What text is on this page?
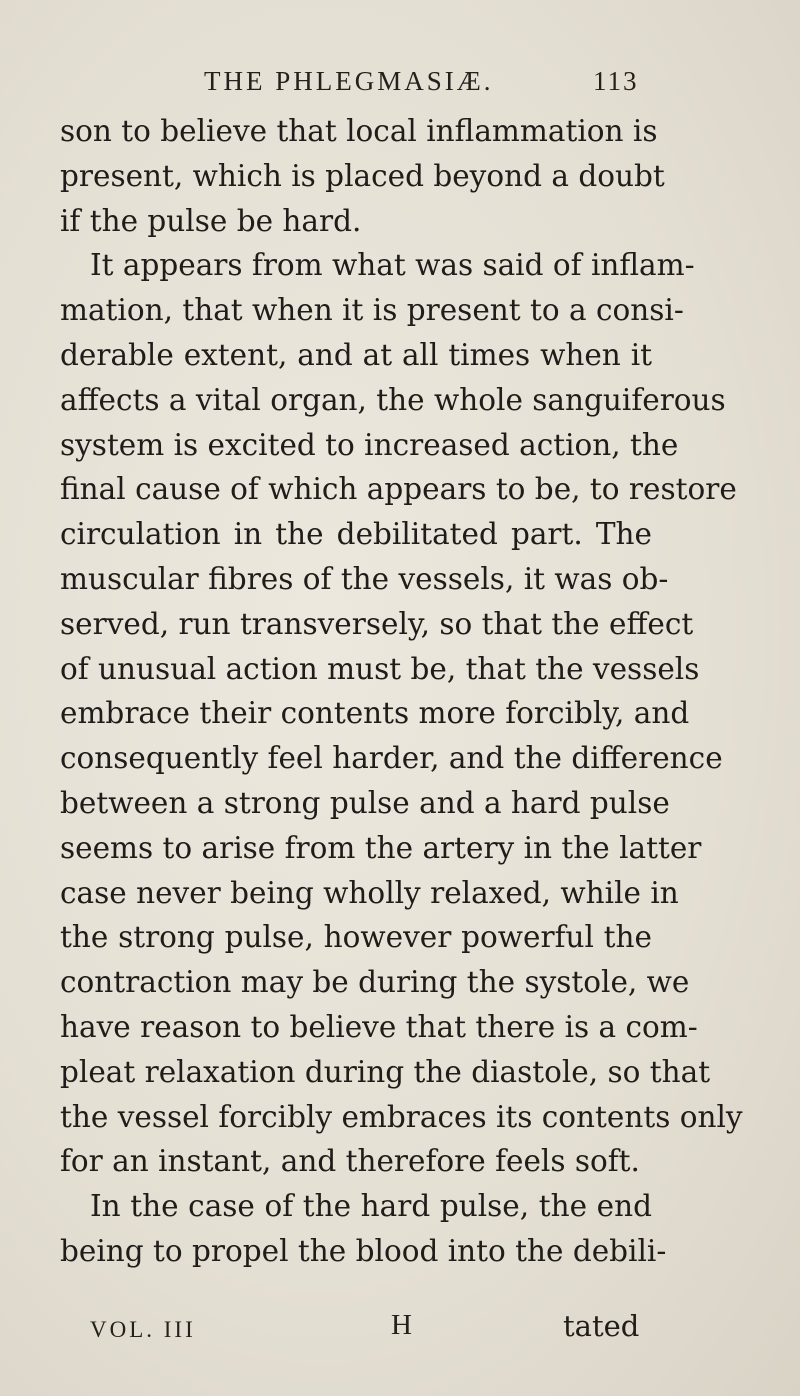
THE PHLEGMASIÆ.	113
son to believe that local inflammation is
present, which is placed beyond a doubt
if the pulse be hard.
It appears from what was said of inflam-
mation, that when it is present to a consi-
derable extent, and at all times when it
affects a vital organ, the whole sanguiferous
system is excited to increased action, the
final cause of which appears to be, to restore
circulation in the debilitated part. The
muscular fibres of the vessels, it was ob-
served, run transversely, so that the effect
of unusual action must be, that the vessels
embrace their contents more forcibly, and
consequently feel harder, and the difference
between a strong pulse and a hard pulse
seems to arise from the artery in the latter
case never being wholly relaxed, while in
the strong pulse, however powerful the
contraction may be during the systole, we
have reason to believe that there is a com-
pleat relaxation during the diastole, so that
the vessel forcibly embraces its contents only
for an instant, and therefore feels soft.
In the case of the hard pulse, the end
being to propel the blood into the debili-
VOL. III	H	tated
